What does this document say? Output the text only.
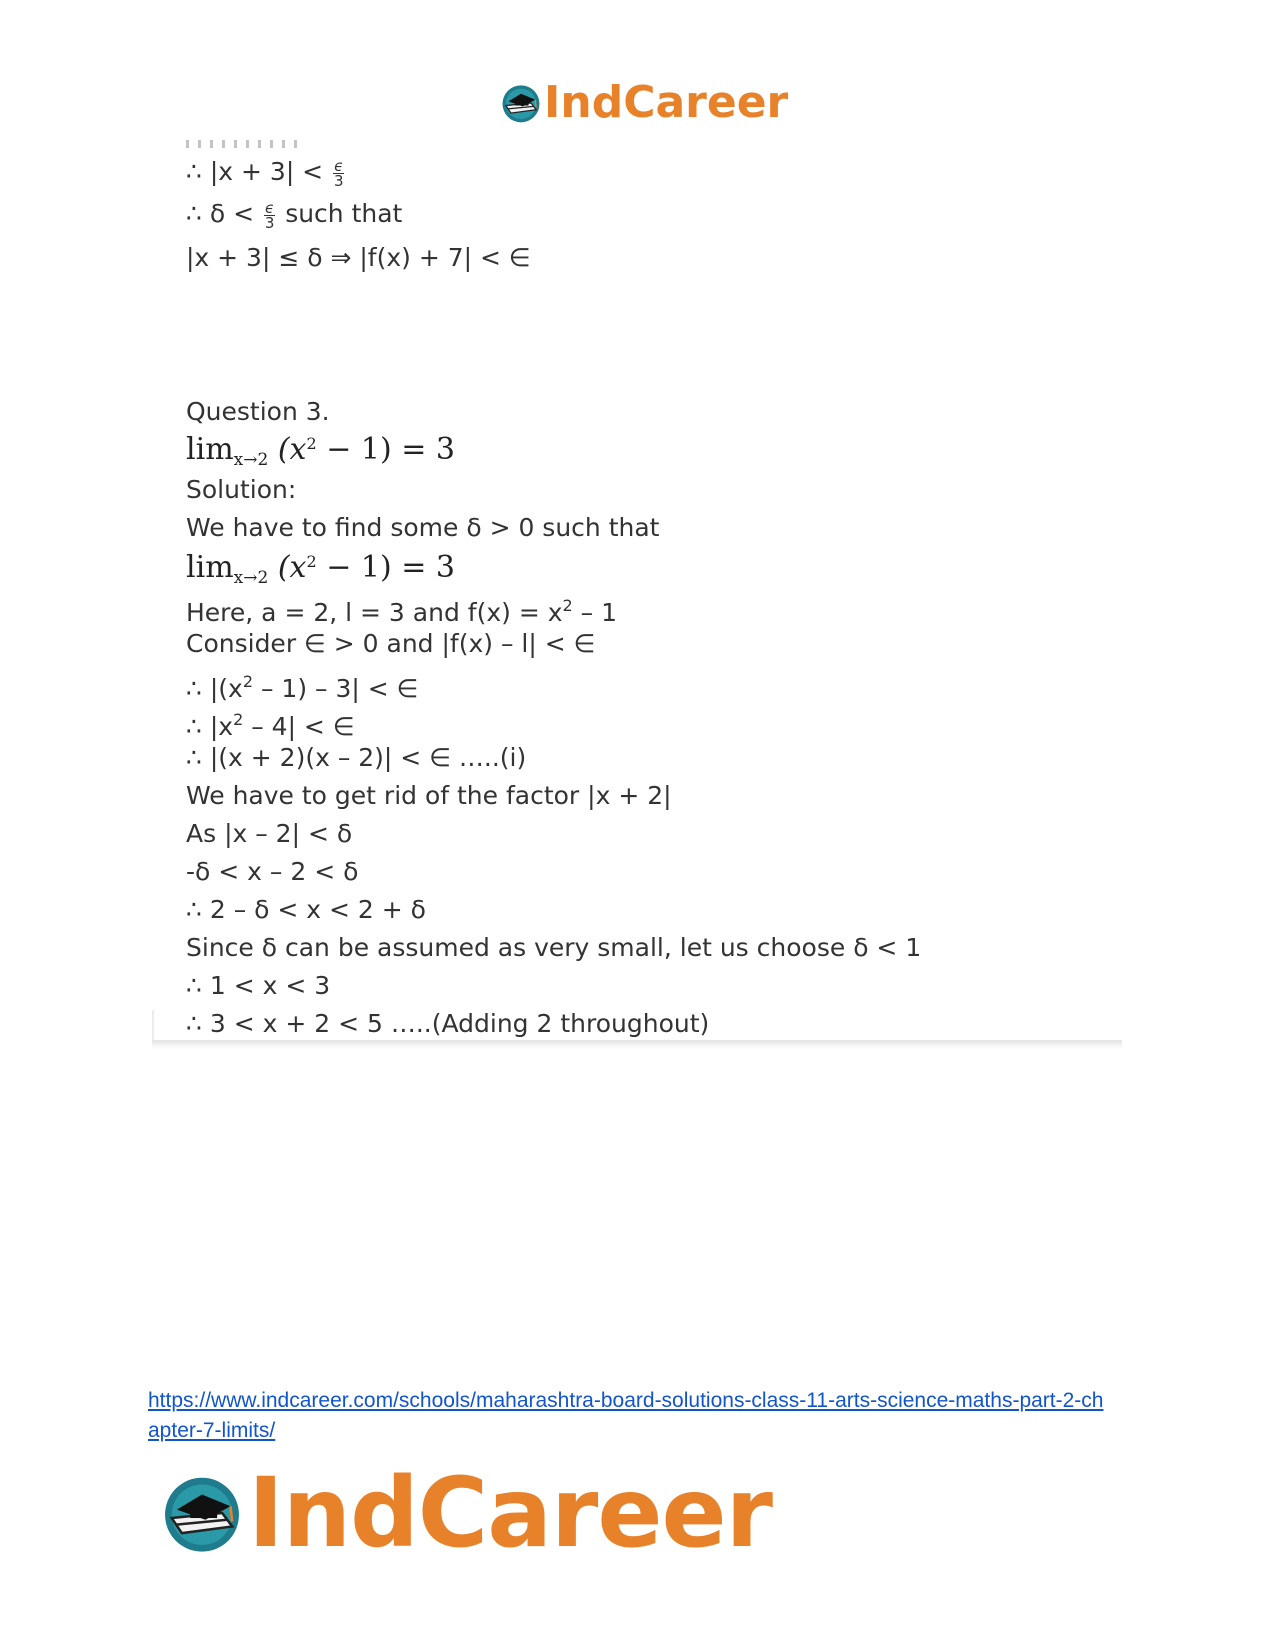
IndCareer
∴ $|x + 3| < \frac{\epsilon}{3}$
∴ $\delta < \frac{\epsilon}{3}$ such that
|x + 3| ≤ δ ⇒ |f(x) + 7| < ∈
Question 3.
$\lim_{x\to 2} (x^2 - 1) = 3$
Solution:
We have to find some δ > 0 such that
$\lim_{x\to 2} (x^2 - 1) = 3$
Here, a = 2, l = 3 and $f(x) = x^2 - 1$
Consider ∈ > 0 and |f(x) – l| < ∈
∴ $|(x^2 - 1) - 3|$ < ∈
∴ $|x^2 - 4|$ < ∈
∴ |(x + 2)(x – 2)| < ∈ …..(i)
We have to get rid of the factor |x + 2|
As |x – 2| < δ
-δ < x – 2 < δ
∴ 2 – δ < x < 2 + δ
Since δ can be assumed as very small, let us choose δ < 1
∴ 1 < x < 3
∴ 3 < x + 2 < 5 …..(Adding 2 throughout)
https://www.indcareer.com/schools/maharashtra-board-solutions-class-11-arts-science-maths-part-2-chapter-7-limits/
IndCareer
